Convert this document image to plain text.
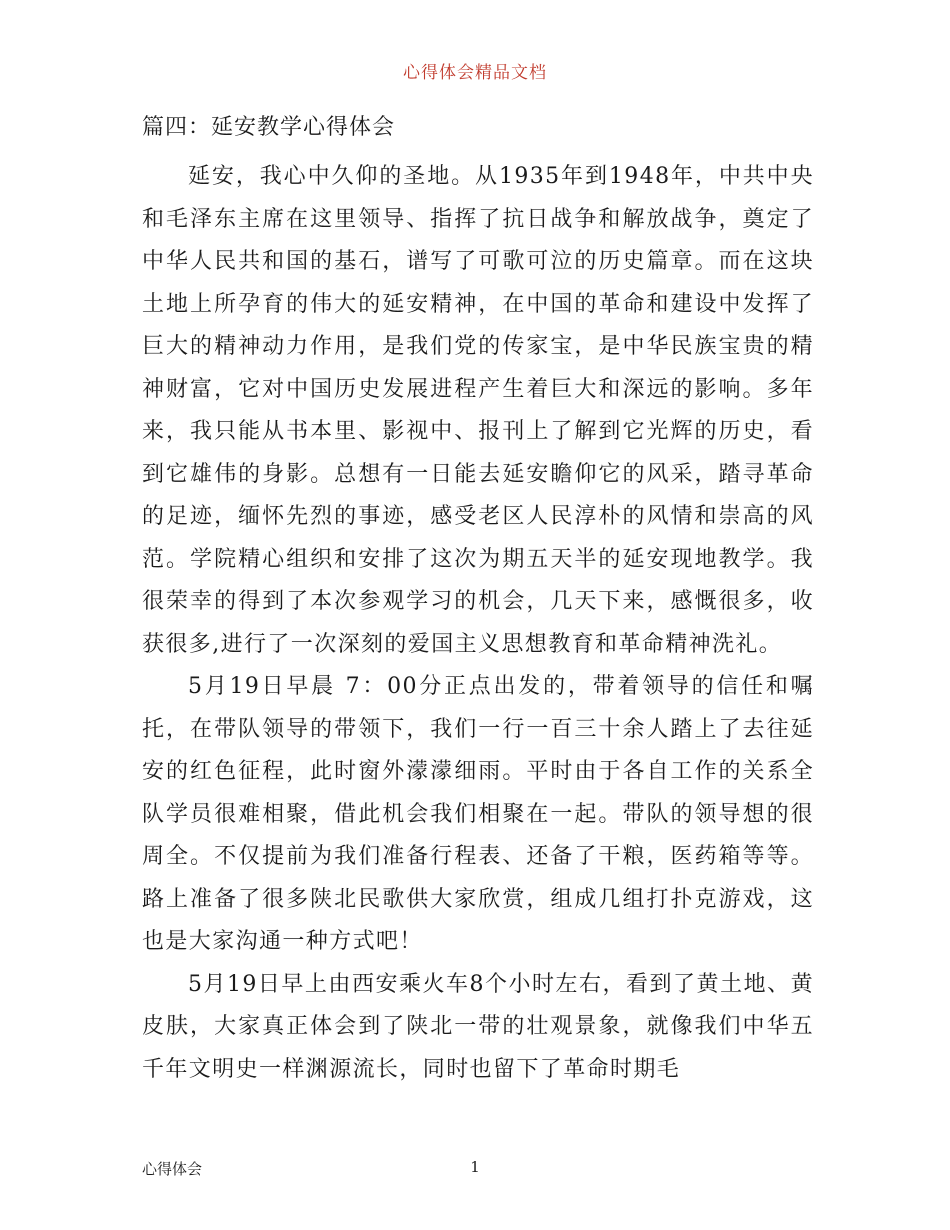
心得体会精品文档
篇四：延安教学心得体会

延安，我心中久仰的圣地。从1935年到1948年，中共中央和毛泽东主席在这里领导、指挥了抗日战争和解放战争，奠定了中华人民共和国的基石，谱写了可歌可泣的历史篇章。而在这块土地上所孕育的伟大的延安精神，在中国的革命和建设中发挥了巨大的精神动力作用，是我们党的传家宝，是中华民族宝贵的精神财富，它对中国历史发展进程产生着巨大和深远的影响。多年来，我只能从书本里、影视中、报刊上了解到它光辉的历史，看到它雄伟的身影。总想有一日能去延安瞻仰它的风采，踏寻革命的足迹，缅怀先烈的事迹，感受老区人民淳朴的风情和崇高的风范。学院精心组织和安排了这次为期五天半的延安现地教学。我很荣幸的得到了本次参观学习的机会，几天下来，感慨很多，收获很多,进行了一次深刻的爱国主义思想教育和革命精神洗礼。

5月19日早晨 7：00分正点出发的，带着领导的信任和嘱托，在带队领导的带领下，我们一行一百三十余人踏上了去往延安的红色征程，此时窗外濛濛细雨。平时由于各自工作的关系全队学员很难相聚，借此机会我们相聚在一起。带队的领导想的很周全。不仅提前为我们准备行程表、还备了干粮，医药箱等等。路上准备了很多陕北民歌供大家欣赏，组成几组打扑克游戏，这也是大家沟通一种方式吧！

5月19日早上由西安乘火车8个小时左右，看到了黄土地、黄皮肤，大家真正体会到了陕北一带的壮观景象，就像我们中华五千年文明史一样渊源流长，同时也留下了革命时期毛

心得体会	1
